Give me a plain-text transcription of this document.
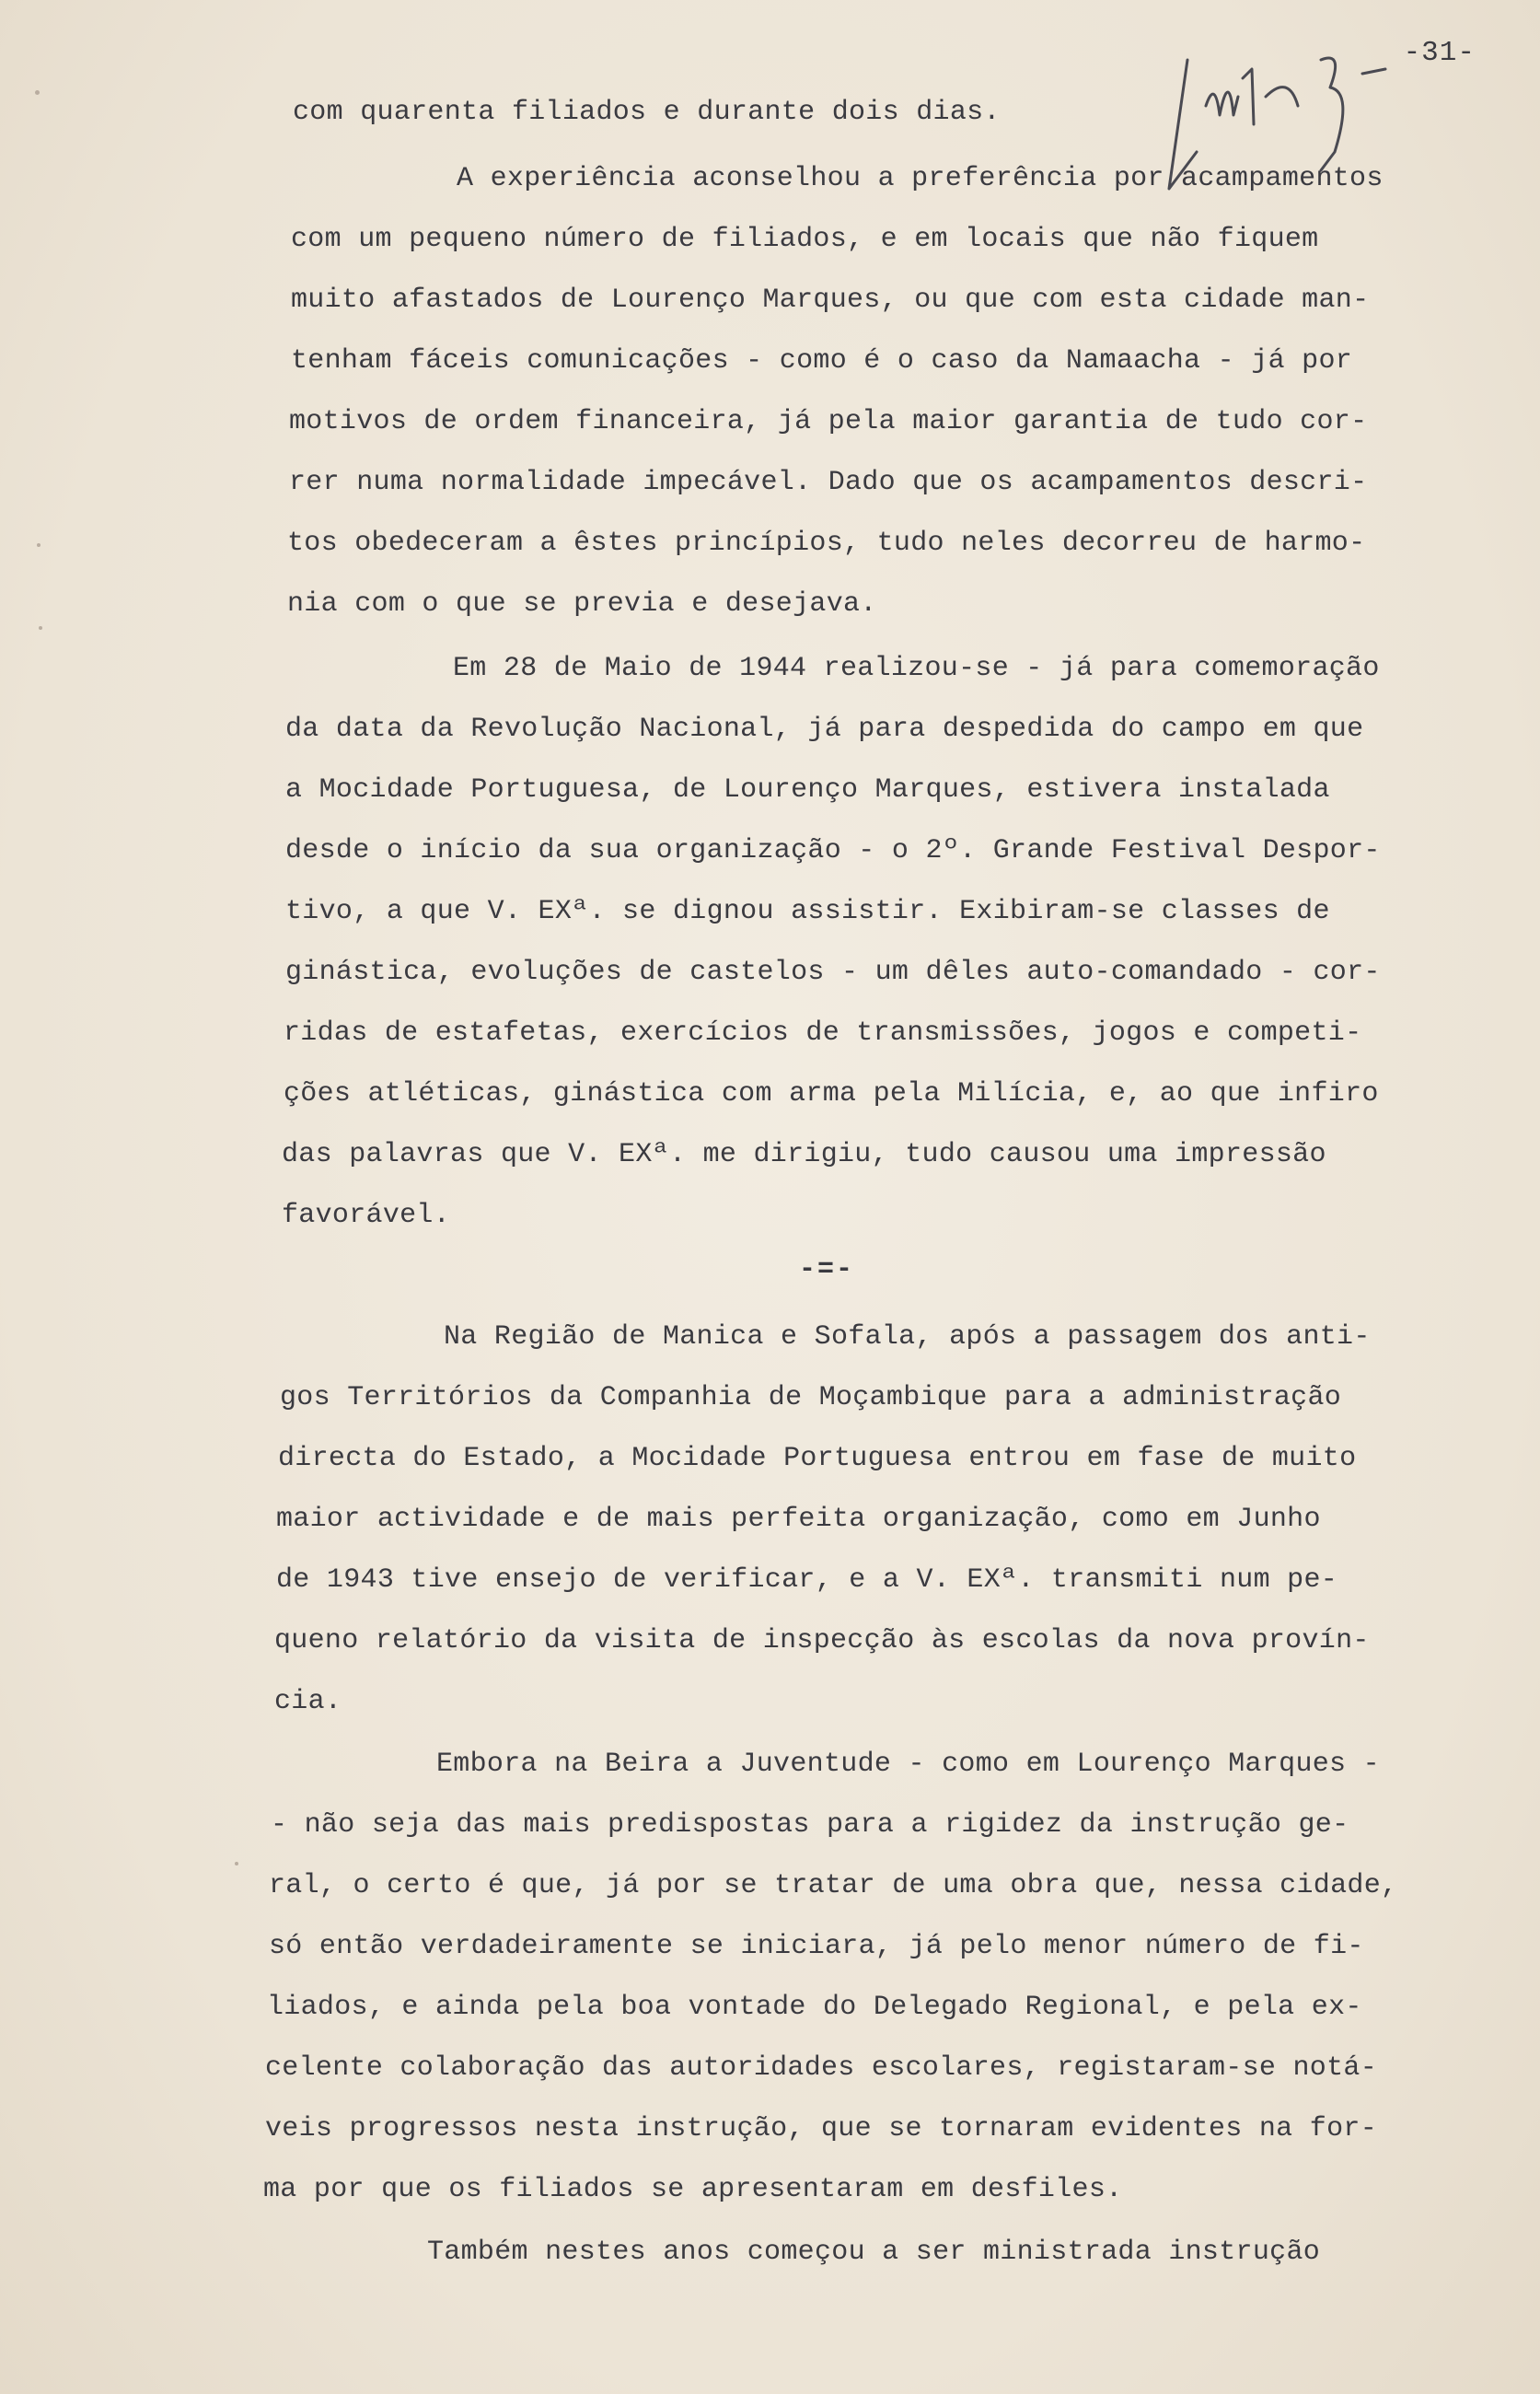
-31-
com quarenta filiados e durante dois dias.
A experiência aconselhou a preferência por acampamentos
com um pequeno número de filiados, e em locais que não fiquem
muito afastados de Lourenço Marques, ou que com esta cidade man-
tenham fáceis comunicações - como é o caso da Namaacha - já por
motivos de ordem financeira, já pela maior garantia de tudo cor-
rer numa normalidade impecável. Dado que os acampamentos descri-
tos obedeceram a êstes princípios, tudo neles decorreu de harmo-
nia com o que se previa e desejava.
Em 28 de Maio de 1944 realizou-se - já para comemoração
da data da Revolução Nacional, já para despedida do campo em que
a Mocidade Portuguesa, de Lourenço Marques, estivera instalada
desde o início da sua organização - o 2º. Grande Festival Despor-
tivo, a que V. EXª. se dignou assistir. Exibiram-se classes de
ginástica, evoluções de castelos - um dêles auto-comandado - cor-
ridas de estafetas, exercícios de transmissões, jogos e competi-
ções atléticas, ginástica com arma pela Milícia, e, ao que infiro
das palavras que V. EXª. me dirigiu, tudo causou uma impressão
favorável.
-=-
Na Região de Manica e Sofala, após a passagem dos anti-
gos Territórios da Companhia de Moçambique para a administração
directa do Estado, a Mocidade Portuguesa entrou em fase de muito
maior actividade e de mais perfeita organização, como em Junho
de 1943 tive ensejo de verificar, e a V. EXª. transmiti num pe-
queno relatório da visita de inspecção às escolas da nova provín-
cia.
Embora na Beira a Juventude - como em Lourenço Marques -
- não seja das mais predispostas para a rigidez da instrução ge-
ral, o certo é que, já por se tratar de uma obra que, nessa cidade,
só então verdadeiramente se iniciara, já pelo menor número de fi-
liados, e ainda pela boa vontade do Delegado Regional, e pela ex-
celente colaboração das autoridades escolares, registaram-se notá-
veis progressos nesta instrução, que se tornaram evidentes na for-
ma por que os filiados se apresentaram em desfiles.
Também nestes anos começou a ser ministrada instrução
